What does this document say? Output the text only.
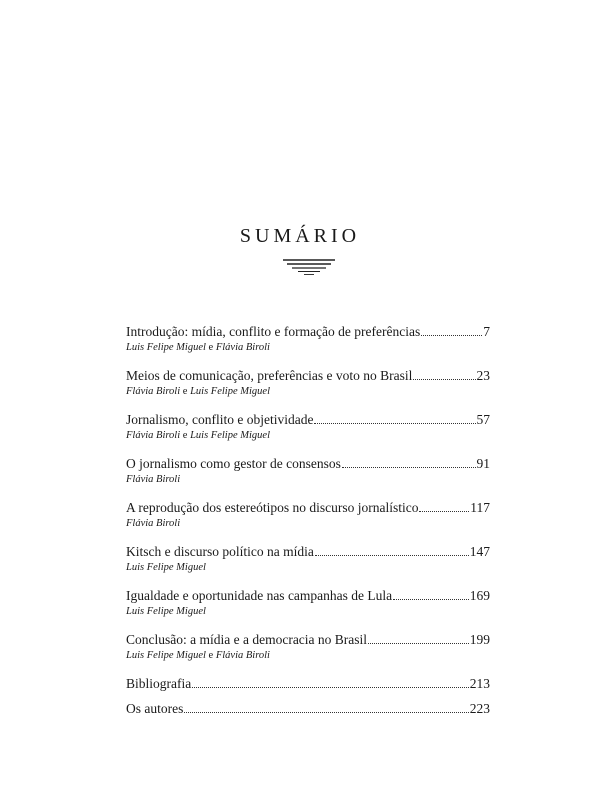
SUMÁRIO
Introdução: mídia, conflito e formação de preferências	7
Luis Felipe Miguel e Flávia Biroli
Meios de comunicação, preferências e voto no Brasil	23
Flávia Biroli e Luis Felipe Miguel
Jornalismo, conflito e objetividade	57
Flávia Biroli e Luis Felipe Miguel
O jornalismo como gestor de consensos	91
Flávia Biroli
A reprodução dos estereótipos no discurso jornalístico	117
Flávia Biroli
Kitsch e discurso político na mídia	147
Luis Felipe Miguel
Igualdade e oportunidade nas campanhas de Lula	169
Luis Felipe Miguel
Conclusão: a mídia e a democracia no Brasil	199
Luis Felipe Miguel e Flávia Biroli
Bibliografia	213
Os autores	223
